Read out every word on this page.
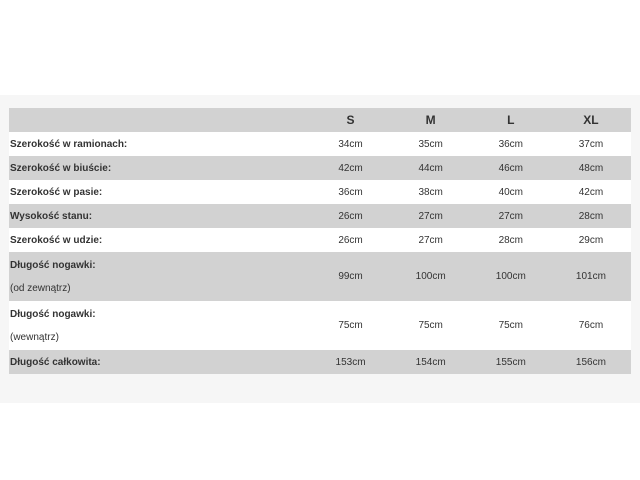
	S	M	L	XL

Szerokość w ramionach:	34cm	35cm	36cm	37cm

Szerokość w biuście:	42cm	44cm	46cm	48cm

Szerokość w pasie:	36cm	38cm	40cm	42cm

Wysokość stanu:	26cm	27cm	27cm	28cm

Szerokość w udzie:	26cm	27cm	28cm	29cm

Długość nogawki:
(od zewnątrz)	99cm	100cm	100cm	101cm

Długość nogawki:
(wewnątrz)	75cm	75cm	75cm	76cm

Długość całkowita:	153cm	154cm	155cm	156cm
